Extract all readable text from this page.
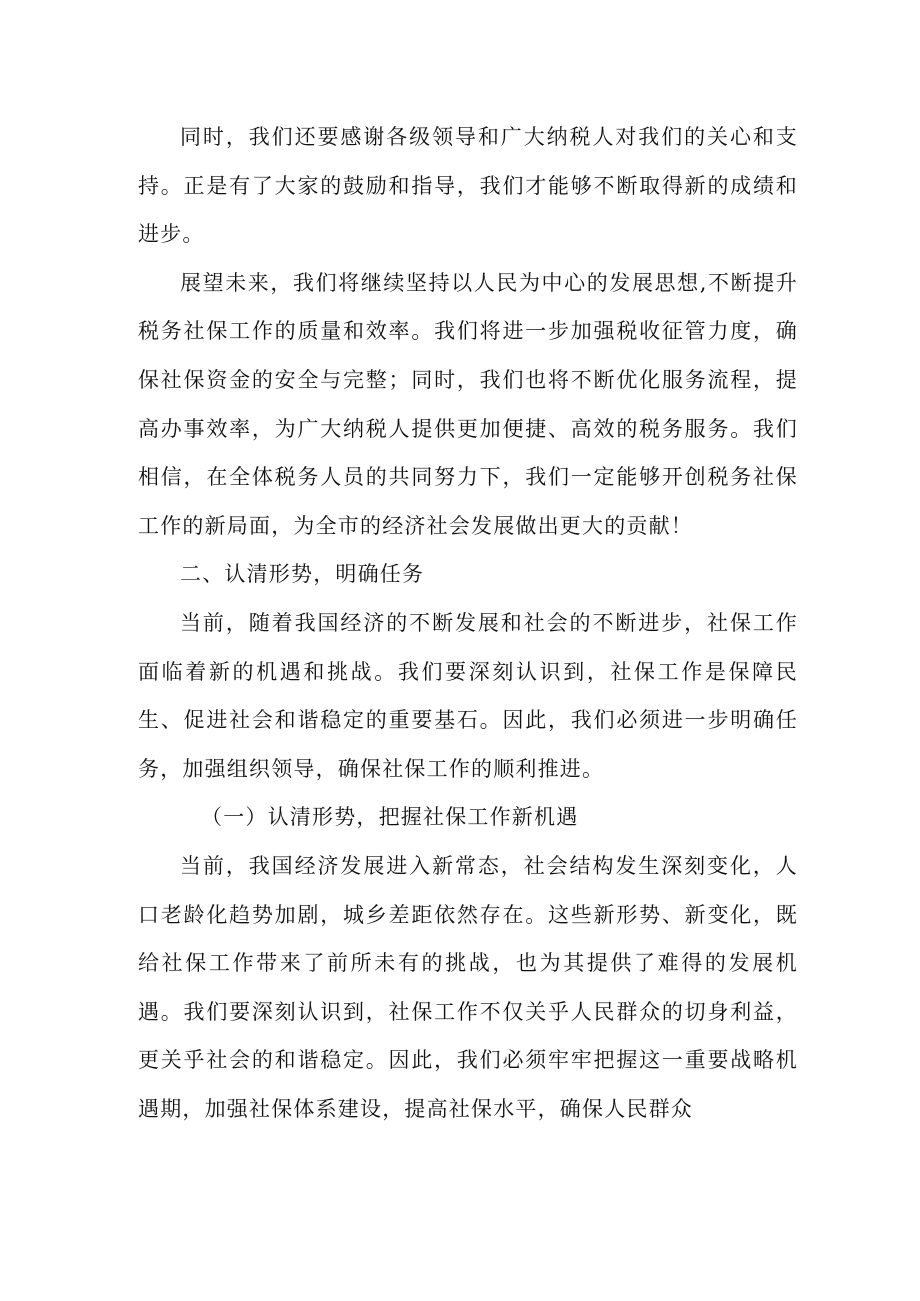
同时，我们还要感谢各级领导和广大纳税人对我们的关心和支持。正是有了大家的鼓励和指导，我们才能够不断取得新的成绩和进步。

展望未来，我们将继续坚持以人民为中心的发展思想,不断提升税务社保工作的质量和效率。我们将进一步加强税收征管力度，确保社保资金的安全与完整；同时，我们也将不断优化服务流程，提高办事效率，为广大纳税人提供更加便捷、高效的税务服务。我们相信，在全体税务人员的共同努力下，我们一定能够开创税务社保工作的新局面，为全市的经济社会发展做出更大的贡献！

二、认清形势，明确任务

当前，随着我国经济的不断发展和社会的不断进步，社保工作面临着新的机遇和挑战。我们要深刻认识到，社保工作是保障民生、促进社会和谐稳定的重要基石。因此，我们必须进一步明确任务，加强组织领导，确保社保工作的顺利推进。

（一）认清形势，把握社保工作新机遇

当前，我国经济发展进入新常态，社会结构发生深刻变化，人口老龄化趋势加剧，城乡差距依然存在。这些新形势、新变化，既给社保工作带来了前所未有的挑战，也为其提供了难得的发展机遇。我们要深刻认识到，社保工作不仅关乎人民群众的切身利益，更关乎社会的和谐稳定。因此，我们必须牢牢把握这一重要战略机遇期，加强社保体系建设，提高社保水平，确保人民群众
